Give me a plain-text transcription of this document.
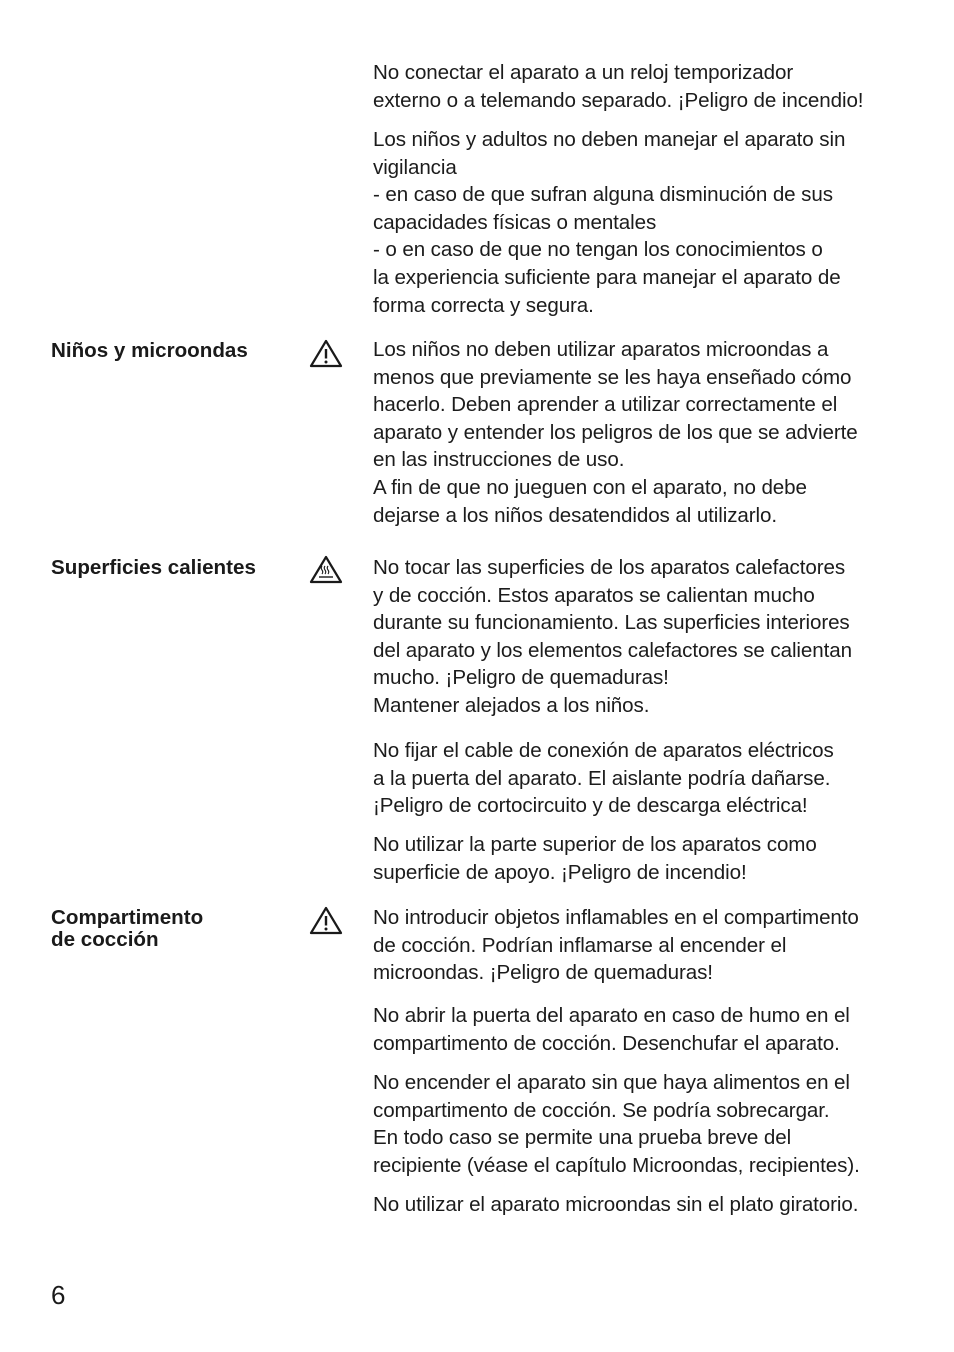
No conectar el aparato a un reloj temporizador
externo o a telemando separado. ¡Peligro de incendio!
Los niños y adultos no deben manejar el aparato sin
vigilancia
- en caso de que sufran alguna disminución de sus
capacidades físicas o mentales
- o en caso de que no tengan los conocimientos o
la experiencia suficiente para manejar el aparato de
forma correcta y segura.
Niños y microondas	Los niños no deben utilizar aparatos microondas a
menos que previamente se les haya enseñado cómo
hacerlo. Deben aprender a utilizar correctamente el
aparato y entender los peligros de los que se advierte
en las instrucciones de uso.
A fin de que no jueguen con el aparato, no debe
dejarse a los niños desatendidos al utilizarlo.
Superficies calientes	No tocar las superficies de los aparatos calefactores
y de cocción. Estos aparatos se calientan mucho
durante su funcionamiento. Las superficies interiores
del aparato y los elementos calefactores se calientan
mucho. ¡Peligro de quemaduras!
Mantener alejados a los niños.
No fijar el cable de conexión de aparatos eléctricos
a la puerta del aparato. El aislante podría dañarse.
¡Peligro de cortocircuito y de descarga eléctrica!
No utilizar la parte superior de los aparatos como
superficie de apoyo. ¡Peligro de incendio!
Compartimento
de cocción
No introducir objetos inflamables en el compartimento
de cocción. Podrían inflamarse al encender el
microondas. ¡Peligro de quemaduras!
No abrir la puerta del aparato en caso de humo en el
compartimento de cocción. Desenchufar el aparato.
No encender el aparato sin que haya alimentos en el
compartimento de cocción. Se podría sobrecargar.
En todo caso se permite una prueba breve del
recipiente (véase el capítulo Microondas, recipientes).
No utilizar el aparato microondas sin el plato giratorio.
6
